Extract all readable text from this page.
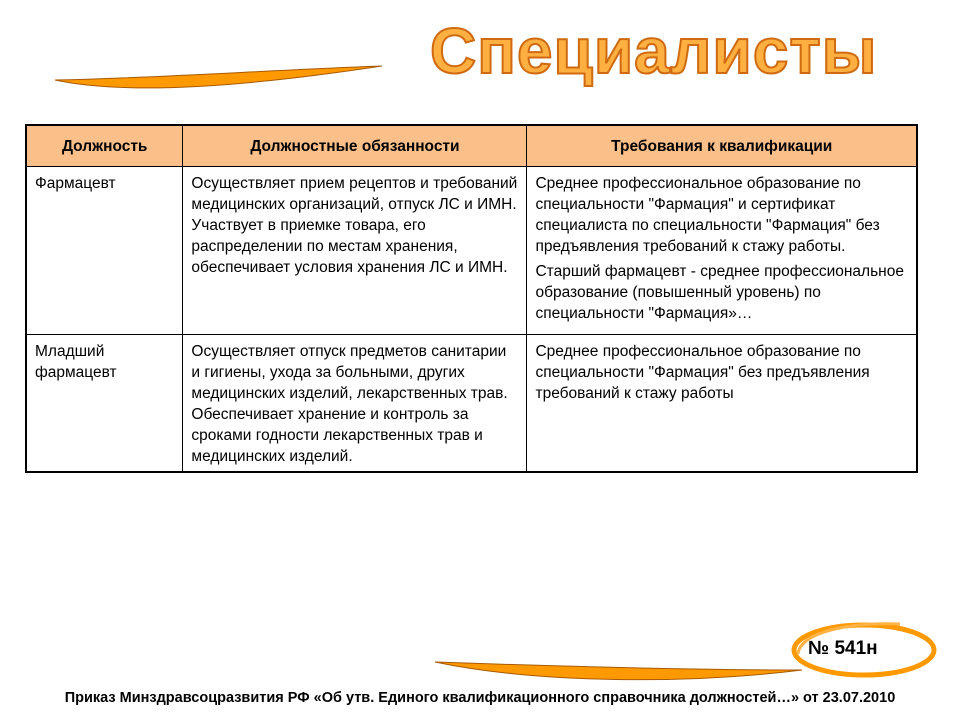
Специалисты
Должность	Должностные обязанности	Требования к квалификации
Фармацевт	Осуществляет прием рецептов и требований медицинских организаций, отпуск ЛС и ИМН. Участвует в приемке товара, его распределении по местам хранения, обеспечивает условия хранения ЛС и ИМН.	Среднее профессиональное образование по специальности "Фармация" и сертификат специалиста по специальности "Фармация" без предъявления требований к стажу работы.

Старший фармацевт - среднее профессиональное образование (повышенный уровень) по специальности "Фармация»…

Младший фармацевт	Осуществляет отпуск предметов санитарии и гигиены, ухода за больными, других медицинских изделий, лекарственных трав. Обеспечивает хранение и контроль за сроками годности лекарственных трав и медицинских изделий.	Среднее профессиональное образование по специальности "Фармация" без предъявления требований к стажу работы

№ 541н
Приказ Минздравсоцразвития РФ «Об утв. Единого квалификационного справочника должностей…» от 23.07.2010
